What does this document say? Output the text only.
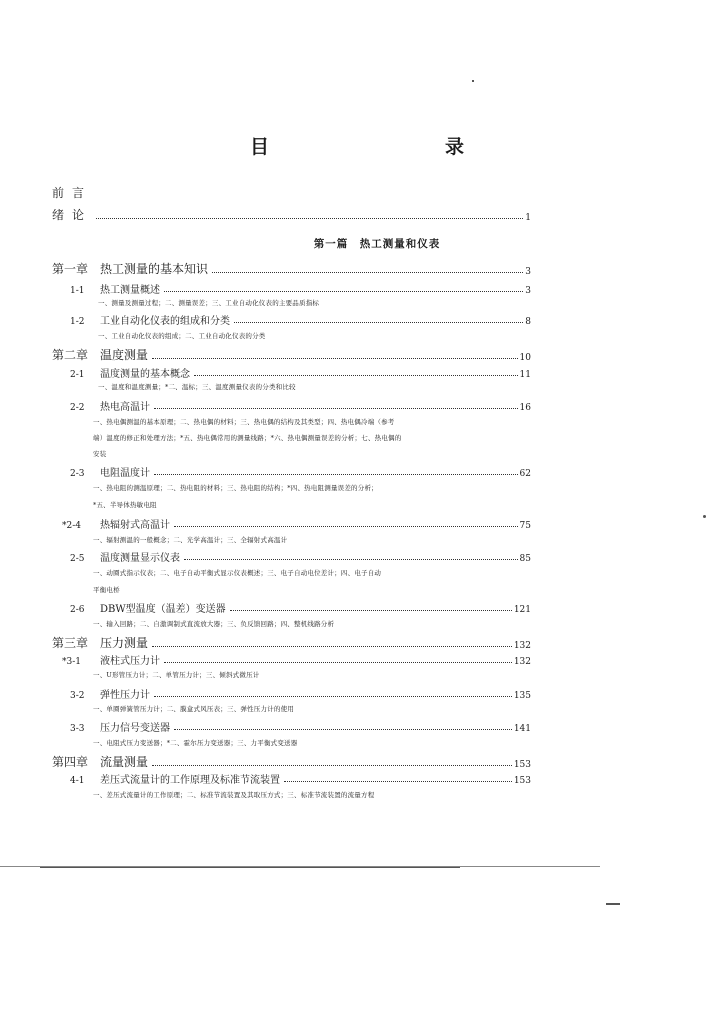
目　　录
前言
绪论	1
第一篇　热工测量和仪表
第一章 热工测量的基本知识	3
1-1 热工测量概述	3
一、测量及测量过程；二、测量误差；三、工业自动化仪表的主要品质指标
1-2 工业自动化仪表的组成和分类	8
一、工业自动化仪表的组成；二、工业自动化仪表的分类
第二章 温度测量	10
2-1 温度测量的基本概念	11
一、温度和温度测量；*二、温标；三、温度测量仪表的分类和比较
2-2 热电高温计	16
一、热电偶测温的基本原理；二、热电偶的材料；三、热电偶的结构及其类型；四、热电偶冷端（参考
端）温度的修正和处理方法；*五、热电偶常用的测量线路；*六、热电偶测量误差的分析；七、热电偶的
安装
2-3 电阻温度计	62
一、热电阻的测温原理；二、热电阻的材料；三、热电阻的结构；*四、热电阻测量误差的分析；
*五、半导体热敏电阻
*2-4 热辐射式高温计	75
一、辐射测温的一般概念；二、光学高温计；三、全辐射式高温计
2-5 温度测量显示仪表	85
一、动圈式指示仪表；二、电子自动平衡式显示仪表概述；三、电子自动电位差计；四、电子自动
平衡电桥
2-6 DBW型温度（温差）变送器	121
一、输入回路；二、自激调制式直流放大器；三、负反馈回路；四、整机线路分析
第三章 压力测量	132
*3-1 液柱式压力计	132
一、U形管压力计；二、单管压力计；三、倾斜式微压计
3-2 弹性压力计	135
一、单圈弹簧管压力计；二、膜盒式风压表；三、弹性压力计的使用
3-3 压力信号变送器	141
一、电阻式压力变送器；*二、霍尔压力变送器；三、力平衡式变送器
第四章 流量测量	153
4-1 差压式流量计的工作原理及标准节流装置	153
一、差压式流量计的工作原理；二、标准节流装置及其取压方式；三、标准节流装置的流量方程
